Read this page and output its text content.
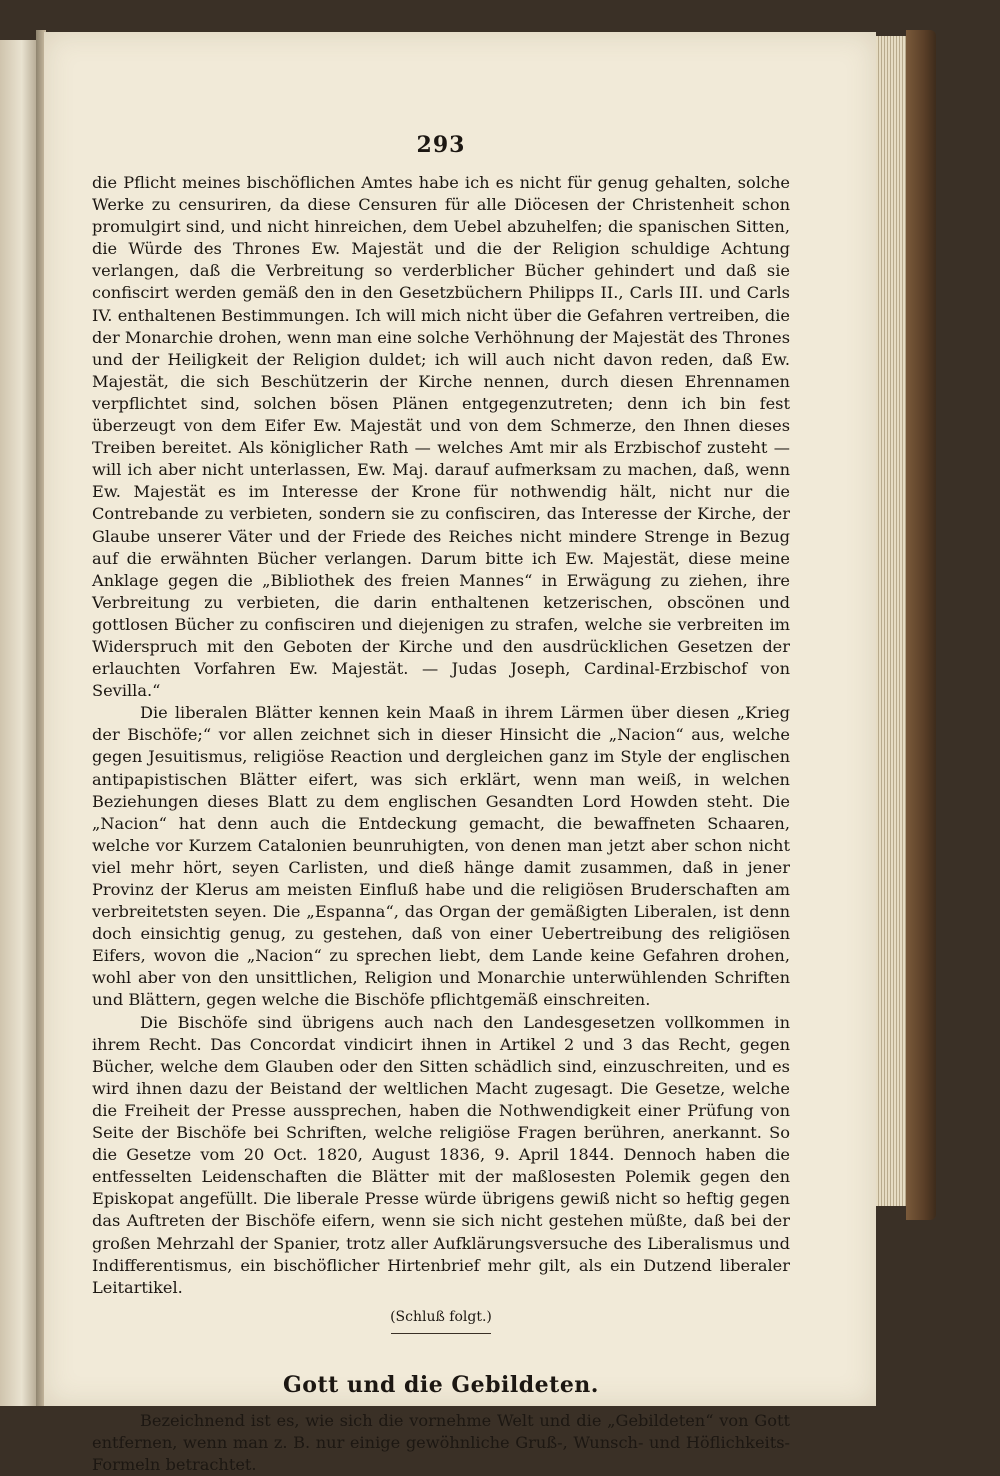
293

die Pflicht meines bischöflichen Amtes habe ich es nicht für genug gehalten, solche Werke zu censuriren, da diese Censuren für alle Diöcesen der Christenheit schon promulgirt sind, und nicht hinreichen, dem Uebel abzuhelfen; die spanischen Sitten, die Würde des Thrones Ew. Majestät und die der Religion schuldige Achtung verlangen, daß die Verbreitung so verderblicher Bücher gehindert und daß sie confiscirt werden gemäß den in den Gesetzbüchern Philipps II., Carls III. und Carls IV. enthaltenen Bestimmungen. Ich will mich nicht über die Gefahren vertreiben, die der Monarchie drohen, wenn man eine solche Verhöhnung der Majestät des Thrones und der Heiligkeit der Religion duldet; ich will auch nicht davon reden, daß Ew. Majestät, die sich Beschützerin der Kirche nennen, durch diesen Ehrennamen verpflichtet sind, solchen bösen Plänen entgegenzutreten; denn ich bin fest überzeugt von dem Eifer Ew. Majestät und von dem Schmerze, den Ihnen dieses Treiben bereitet. Als königlicher Rath — welches Amt mir als Erzbischof zusteht — will ich aber nicht unterlassen, Ew. Maj. darauf aufmerksam zu machen, daß, wenn Ew. Majestät es im Interesse der Krone für nothwendig hält, nicht nur die Contrebande zu verbieten, sondern sie zu confisciren, das Interesse der Kirche, der Glaube unserer Väter und der Friede des Reiches nicht mindere Strenge in Bezug auf die erwähnten Bücher verlangen. Darum bitte ich Ew. Majestät, diese meine Anklage gegen die „Bibliothek des freien Mannes“ in Erwägung zu ziehen, ihre Verbreitung zu verbieten, die darin enthaltenen ketzerischen, obscönen und gottlosen Bücher zu confisciren und diejenigen zu strafen, welche sie verbreiten im Widerspruch mit den Geboten der Kirche und den ausdrücklichen Gesetzen der erlauchten Vorfahren Ew. Majestät. — Judas Joseph, Cardinal-Erzbischof von Sevilla.“

Die liberalen Blätter kennen kein Maaß in ihrem Lärmen über diesen „Krieg der Bischöfe;“ vor allen zeichnet sich in dieser Hinsicht die „Nacion“ aus, welche gegen Jesuitismus, religiöse Reaction und dergleichen ganz im Style der englischen antipapistischen Blätter eifert, was sich erklärt, wenn man weiß, in welchen Beziehungen dieses Blatt zu dem englischen Gesandten Lord Howden steht. Die „Nacion“ hat denn auch die Entdeckung gemacht, die bewaffneten Schaaren, welche vor Kurzem Catalonien beunruhigten, von denen man jetzt aber schon nicht viel mehr hört, seyen Carlisten, und dieß hänge damit zusammen, daß in jener Provinz der Klerus am meisten Einfluß habe und die religiösen Bruderschaften am verbreitetsten seyen. Die „Espanna“, das Organ der gemäßigten Liberalen, ist denn doch einsichtig genug, zu gestehen, daß von einer Uebertreibung des religiösen Eifers, wovon die „Nacion“ zu sprechen liebt, dem Lande keine Gefahren drohen, wohl aber von den unsittlichen, Religion und Monarchie unterwühlenden Schriften und Blättern, gegen welche die Bischöfe pflichtgemäß einschreiten.

Die Bischöfe sind übrigens auch nach den Landesgesetzen vollkommen in ihrem Recht. Das Concordat vindicirt ihnen in Artikel 2 und 3 das Recht, gegen Bücher, welche dem Glauben oder den Sitten schädlich sind, einzuschreiten, und es wird ihnen dazu der Beistand der weltlichen Macht zugesagt. Die Gesetze, welche die Freiheit der Presse aussprechen, haben die Nothwendigkeit einer Prüfung von Seite der Bischöfe bei Schriften, welche religiöse Fragen berühren, anerkannt. So die Gesetze vom 20 Oct. 1820, August 1836, 9. April 1844. Dennoch haben die entfesselten Leidenschaften die Blätter mit der maßlosesten Polemik gegen den Episkopat angefüllt. Die liberale Presse würde übrigens gewiß nicht so heftig gegen das Auftreten der Bischöfe eifern, wenn sie sich nicht gestehen müßte, daß bei der großen Mehrzahl der Spanier, trotz aller Aufklärungsversuche des Liberalismus und Indifferentismus, ein bischöflicher Hirtenbrief mehr gilt, als ein Dutzend liberaler Leitartikel.

(Schluß folgt.)
Gott und die Gebildeten.

Bezeichnend ist es, wie sich die vornehme Welt und die „Gebildeten“ von Gott entfernen, wenn man z. B. nur einige gewöhnliche Gruß-, Wunsch- und Höflichkeits-Formeln betrachtet.
